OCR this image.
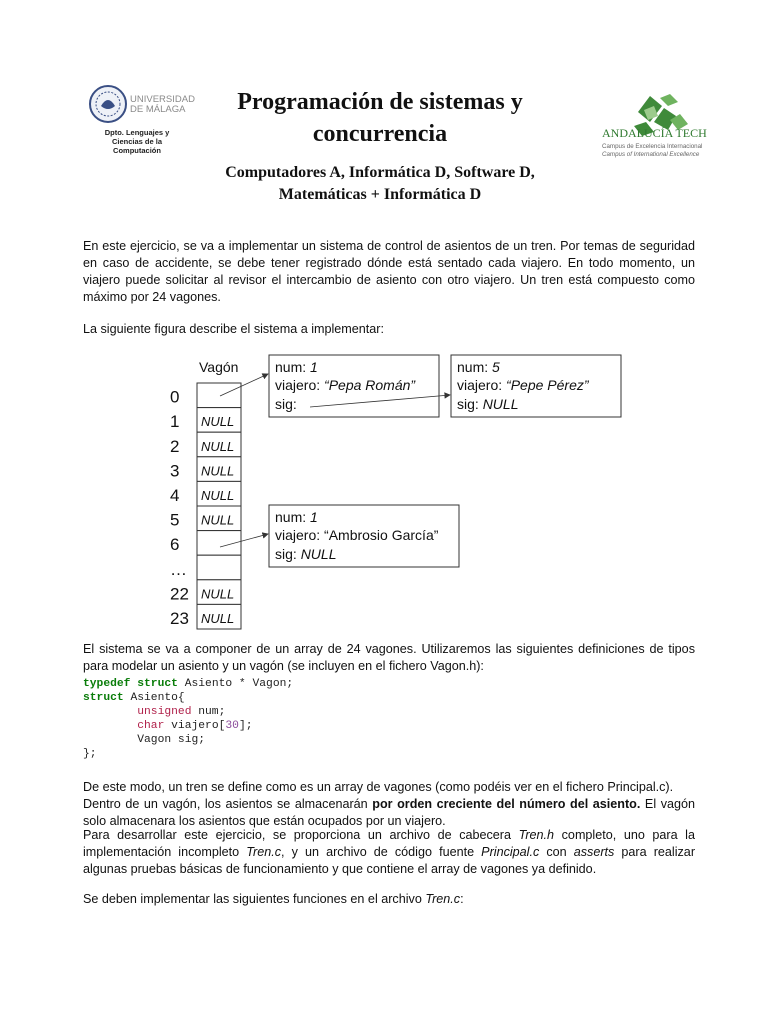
UNIVERSIDAD
DE MÁLAGA
Dpto. Lenguajes y
Ciencias de la
Computación
Programación de sistemas y
concurrencia
Computadores A, Informática D, Software D,
Matemáticas + Informática D
ANDALUCÍA TECH
Campus de Excelencia Internacional
Campus of International Excellence
En este ejercicio, se va a implementar un sistema de control de asientos de un tren. Por temas de seguridad en caso de accidente, se debe tener registrado dónde está sentado cada viajero. En todo momento, un viajero puede solicitar al revisor el intercambio de asiento con otro viajero. Un tren está compuesto como máximo por 24 vagones.
La siguiente figura describe el sistema a implementar:
Vagón
0
1 NULL
2 NULL
3 NULL
4 NULL
5 NULL
6
…
22 NULL
23 NULL
num: 1
viajero: “Pepa Román”
sig:
num: 5
viajero: “Pepe Pérez”
sig: NULL
num: 1
viajero: “Ambrosio García”
sig: NULL
El sistema se va a componer de un array de 24 vagones. Utilizaremos las siguientes definiciones de tipos para modelar un asiento y un vagón (se incluyen en el fichero Vagon.h):
typedef struct Asiento * Vagon;
struct Asiento{
unsigned num;
char viajero[30];
Vagon sig;
};
De este modo, un tren se define como es un array de vagones (como podéis ver en el fichero Principal.c).
Dentro de un vagón, los asientos se almacenarán por orden creciente del número del asiento. El vagón solo almacenara los asientos que están ocupados por un viajero.
Para desarrollar este ejercicio, se proporciona un archivo de cabecera Tren.h completo, uno para la implementación incompleto Tren.c, y un archivo de código fuente Principal.c con asserts para realizar algunas pruebas básicas de funcionamiento y que contiene el array de vagones ya definido.
Se deben implementar las siguientes funciones en el archivo Tren.c:
